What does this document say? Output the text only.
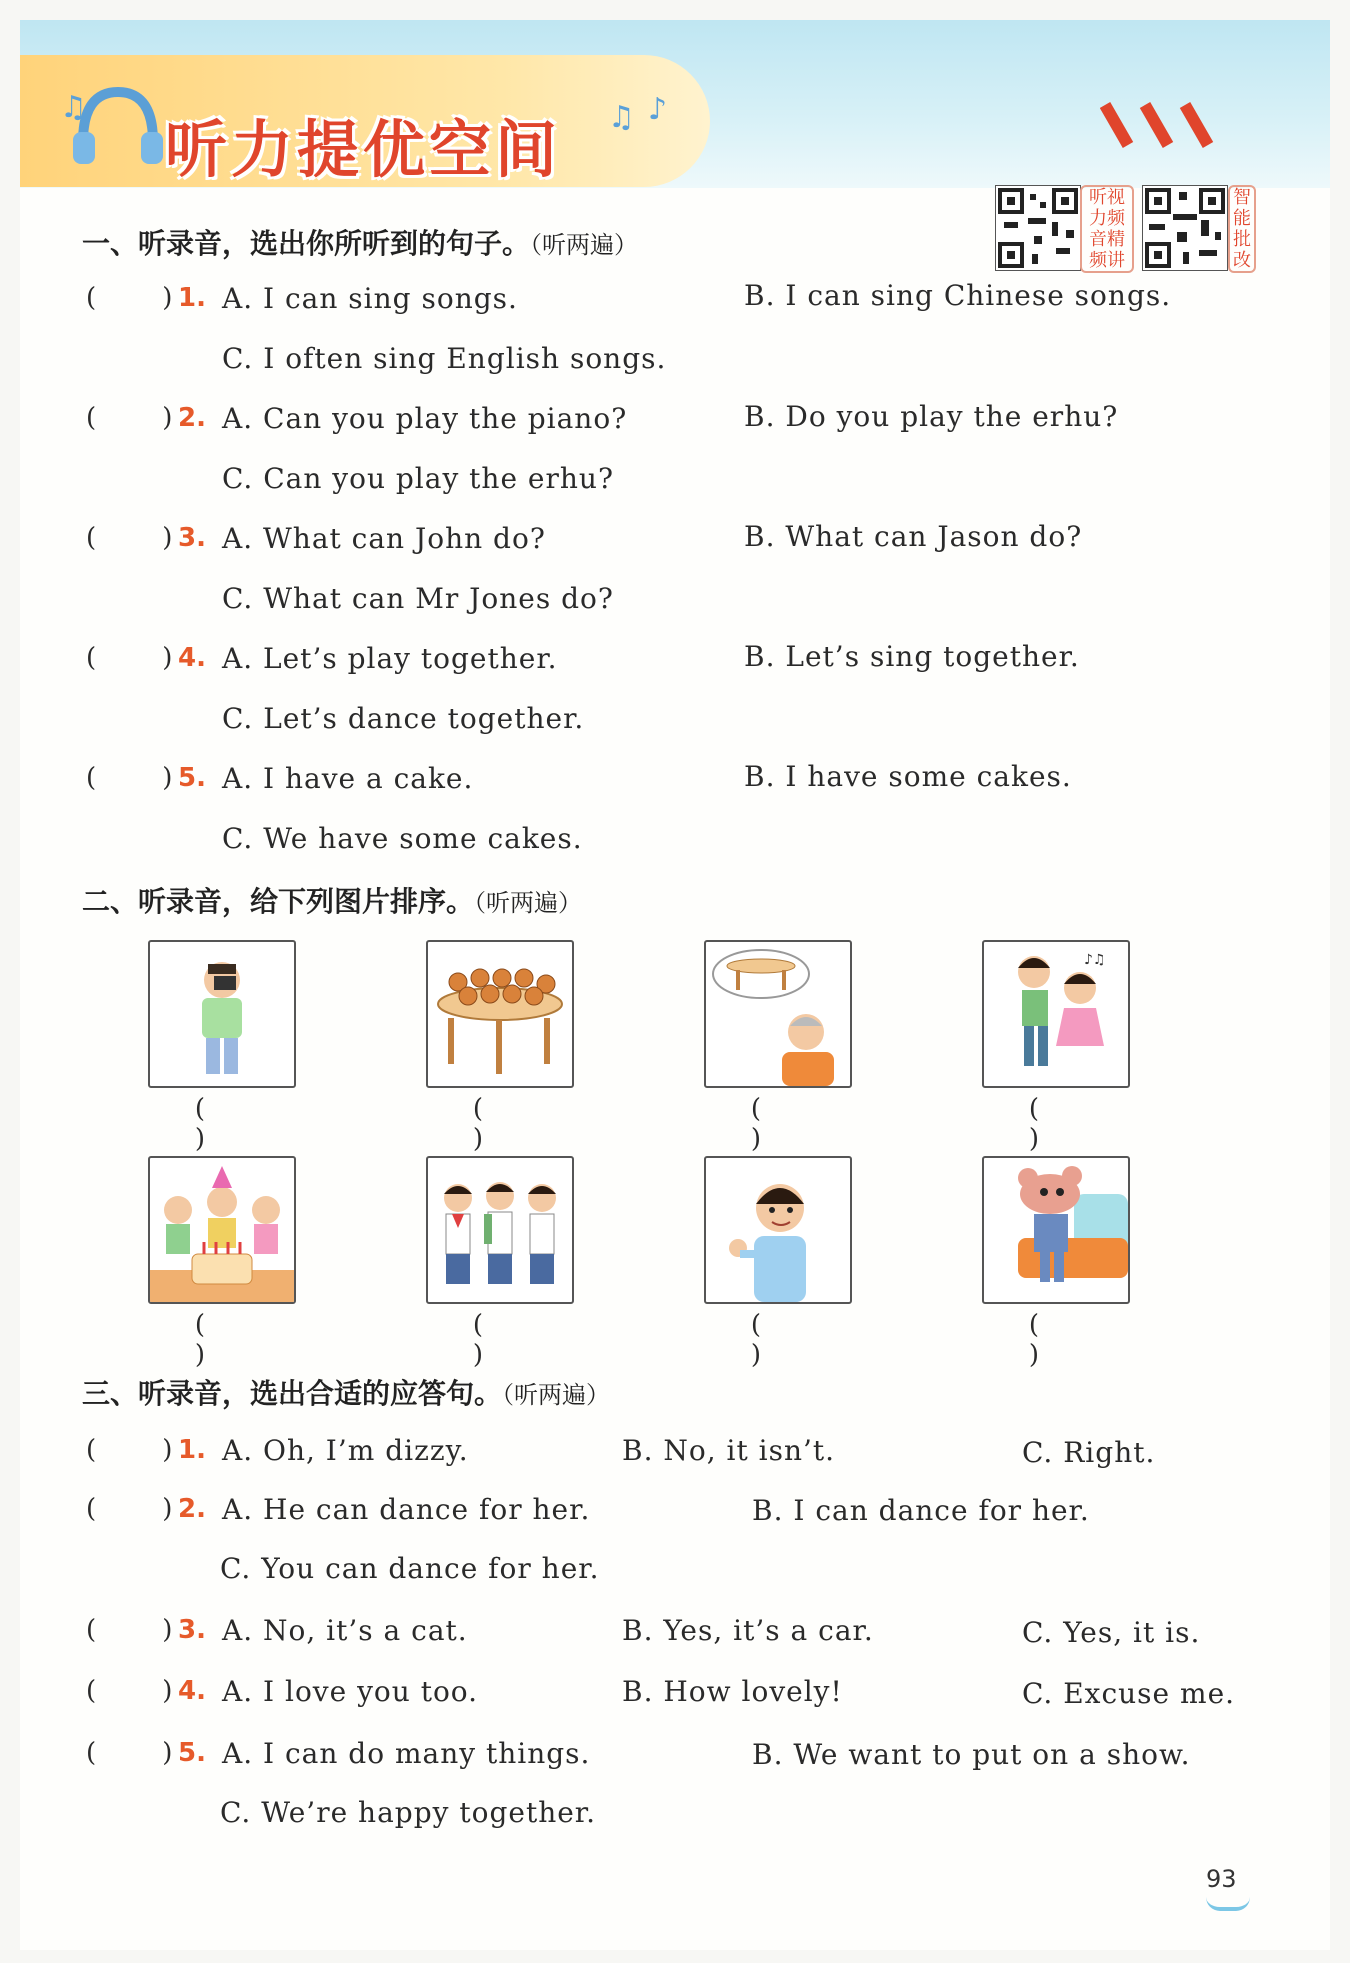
♫	♫ ♪
听力提优空间
听视力频音精频讲
智能批改
一、听录音，选出你所听到的句子。（听两遍）
(        ) 1. A. I can sing songs.	B. I can sing Chinese songs.
C. I often sing English songs.
(        ) 2. A. Can you play the piano?	B. Do you play the erhu?
C. Can you play the erhu?
(        ) 3. A. What can John do?	B. What can Jason do?
C. What can Mr Jones do?
(        ) 4. A. Let’s play together.	B. Let’s sing together.
C. Let’s dance together.
(        ) 5. A. I have a cake.	B. I have some cakes.
C. We have some cakes.
二、听录音，给下列图片排序。（听两遍）
( )
( )
( )
♪♫
( )
( )
( )
( )
( )
三、听录音，选出合适的应答句。（听两遍）
(        ) 1. A. Oh, I’m dizzy.	B. No, it isn’t.	C. Right.
(        ) 2. A. He can dance for her.	B. I can dance for her.
C. You can dance for her.
(        ) 3. A. No, it’s a cat.	B. Yes, it’s a car.	C. Yes, it is.
(        ) 4. A. I love you too.	B. How lovely!	C. Excuse me.
(        ) 5. A. I can do many things.	B. We want to put on a show.
C. We’re happy together.
93
